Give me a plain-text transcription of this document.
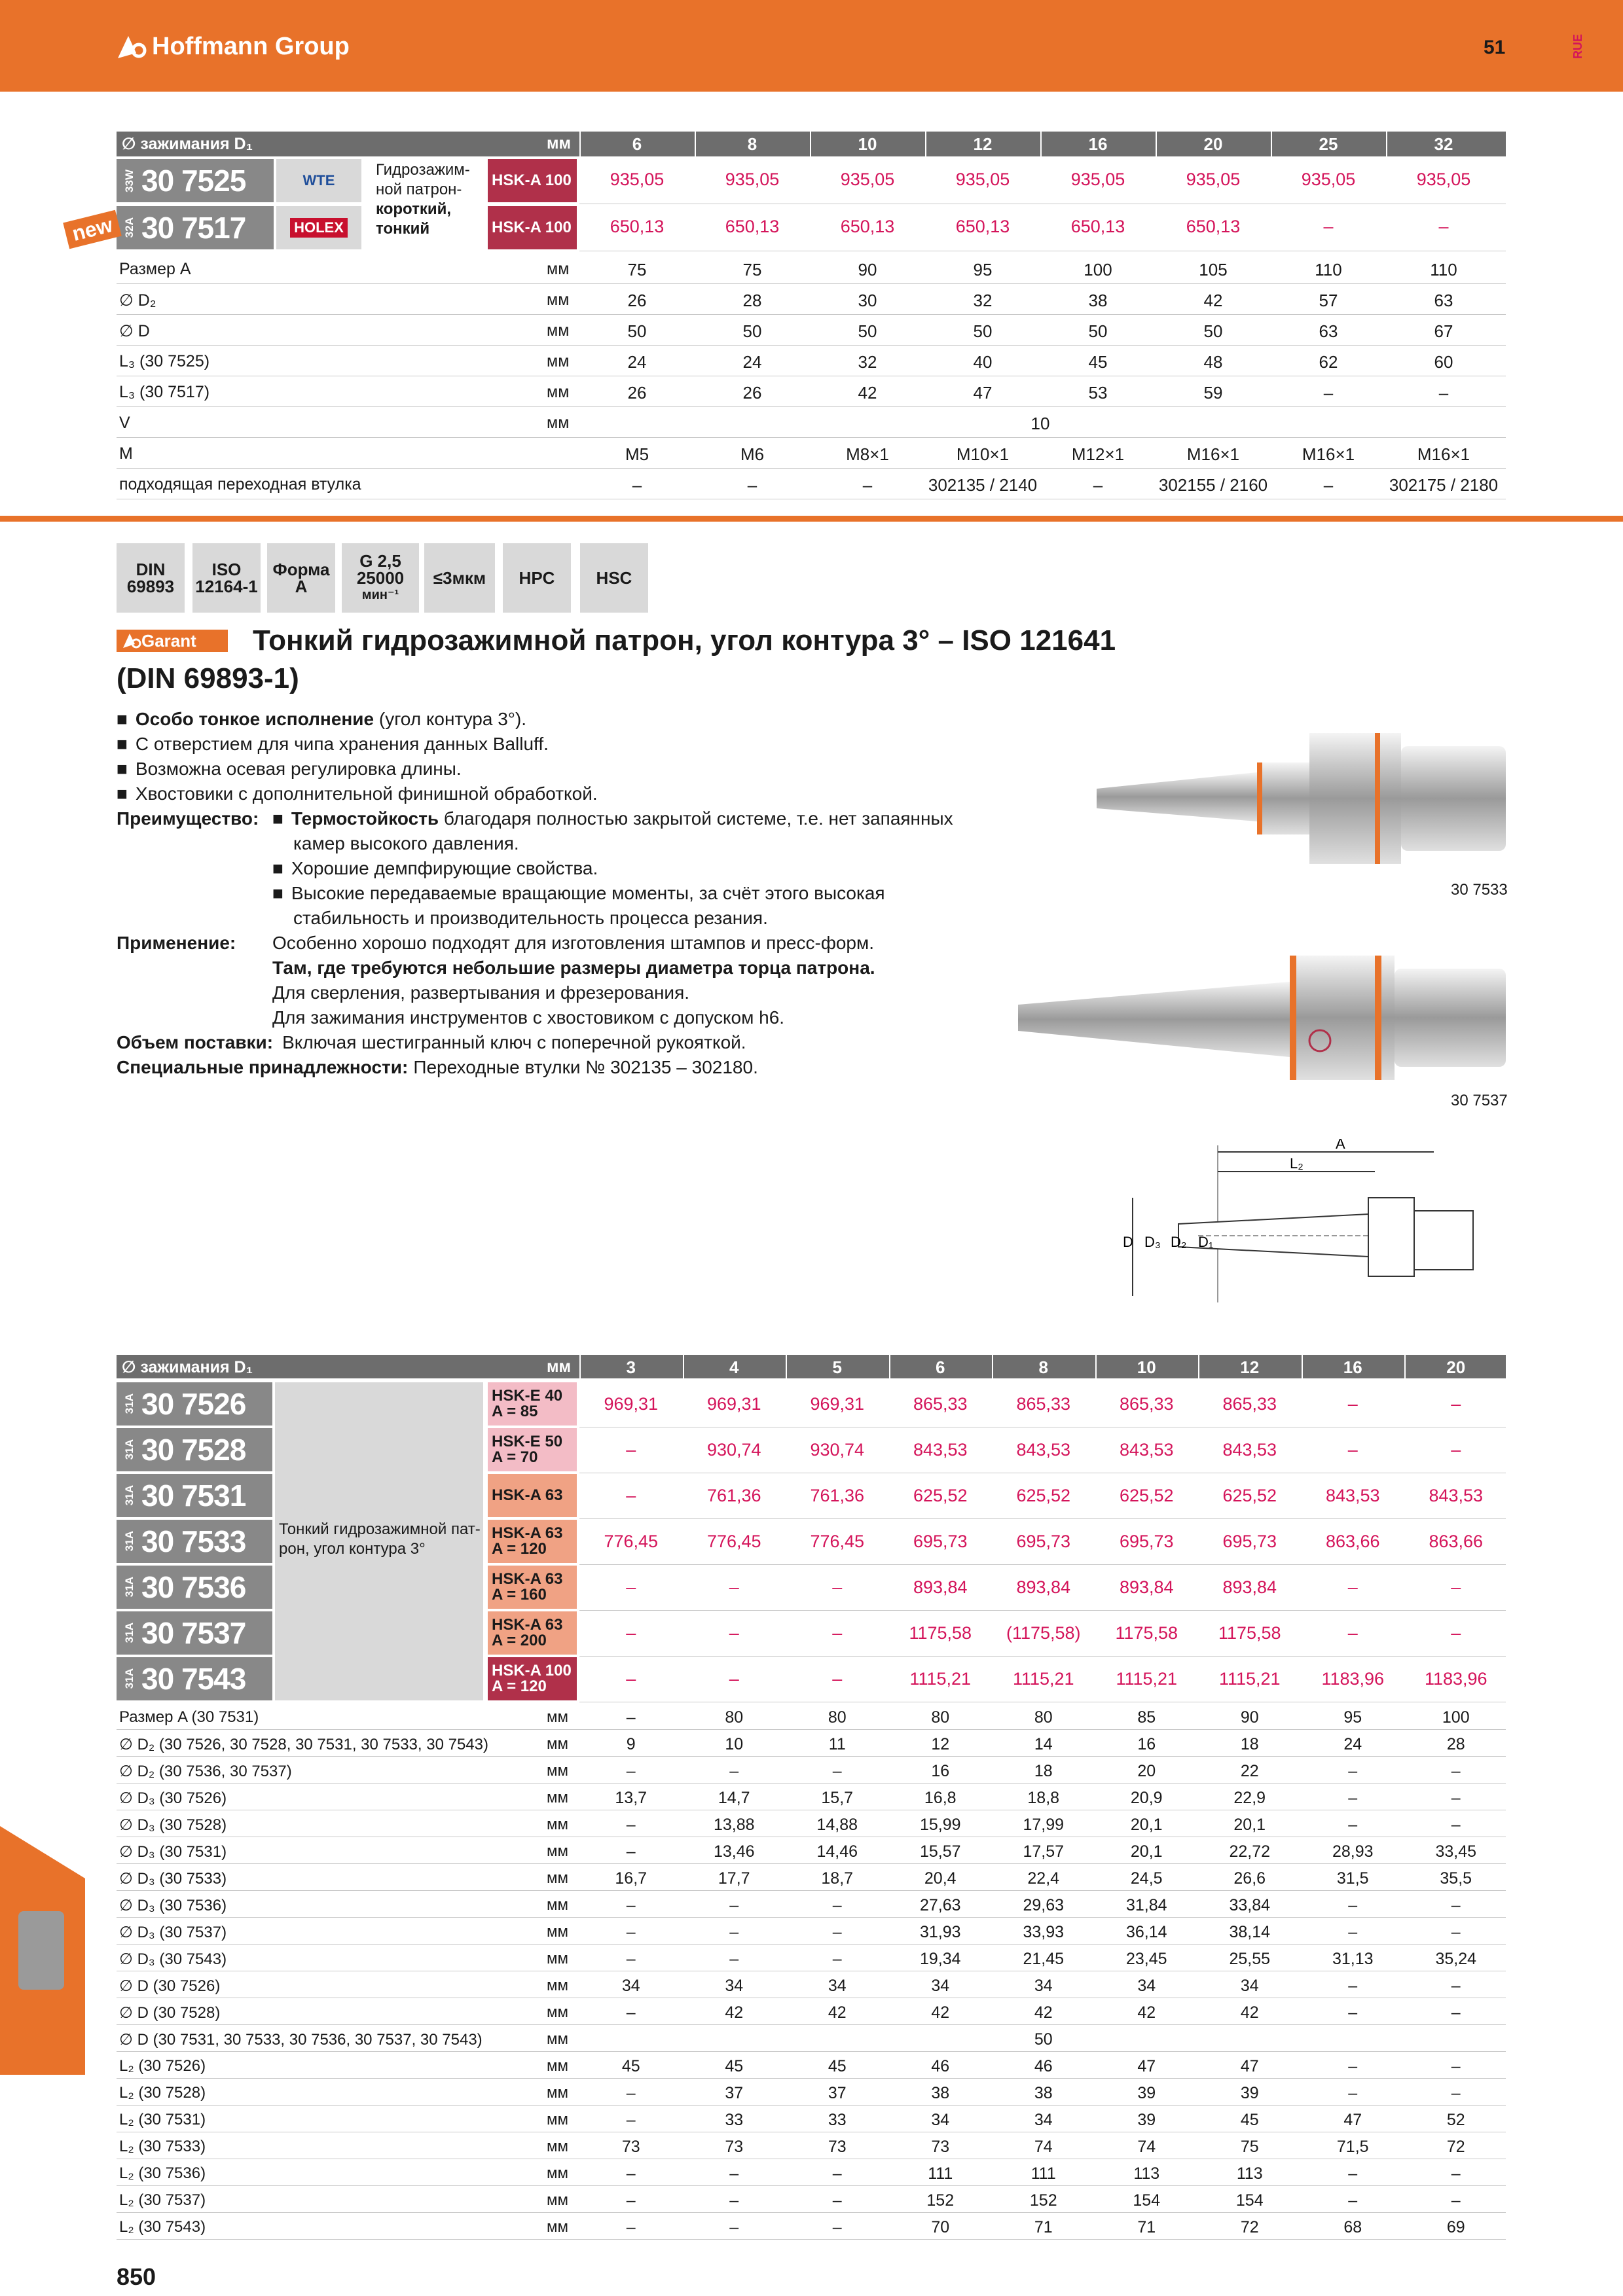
Hoffmann Group	51	RUE
∅ зажимания D₁	мм	6	8	10	12	16	20	25	32
33W 30 7525	WTE	HSK-A 100	935,05	935,05	935,05	935,05	935,05	935,05	935,05	935,05
32A 30 7517	HOLEX	HSK-A 100	650,13	650,13	650,13	650,13	650,13	650,13	–	–
Гидрозажим-ной патрон-
короткий, тонкий
new
Размер A	мм	75	75	90	95	100	105	110	110
∅ D₂	мм	26	28	30	32	38	42	57	63
∅ D	мм	50	50	50	50	50	50	63	67
L₃ (30 7525)	мм	24	24	32	40	45	48	62	60
L₃ (30 7517)	мм	26	26	42	47	53	59	–	–
V	мм	10
M	M5	M6	M8×1	M10×1	M12×1	M16×1	M16×1	M16×1
подходящая переходная втулка	–	–	–	302135 / 2140	–	302155 / 2160	–	302175 / 2180
DIN
69893
ISO
12164-1
Форма
A
G 2,5
25000
мин⁻¹
≤3мкм	HPC	HSC
Garant Тонкий гидрозажимной патрон, угол контура 3° – ISO 121641
(DIN 69893-1)
■ Особо тонкое исполнение (угол контура 3°).
■ С отверстием для чипа хранения данных Balluff.
■ Возможна осевая регулировка длины.
■ Хвостовики с дополнительной финишной обработкой.
Преимущество: ■ Термостойкость благодаря полностью закрытой системе, т.е. нет запаянных
камер высокого давления.
■ Хорошие демпфирующие свойства.
■ Высокие передаваемые вращающие моменты, за счёт этого высокая
стабильность и производительность процесса резания.
Применение: Особенно хорошо подходят для изготовления штампов и пресс-форм.
Там, где требуются небольшие размеры диаметра торца патрона.
Для сверления, развертывания и фрезерования.
Для зажимания инструментов с хвостовиком с допуском h6.
Объем поставки: Включая шестигранный ключ с поперечной рукояткой.
Специальные принадлежности: Переходные втулки № 302135 – 302180.
30 7533
30 7537
A
L₂
D D₃ D₂ D₁
∅ зажимания D₁	мм	3	4	5	6	8	10	12	16	20
Тонкий гидрозажимной пат-рон, угол контура 3°
31A 30 7526	HSK-E 40
A = 85	969,31	969,31	969,31	865,33	865,33	865,33	865,33	–	–
31A 30 7528	HSK-E 50
A = 70	–	930,74	930,74	843,53	843,53	843,53	843,53	–	–
31A 30 7531	HSK-A 63	–	761,36	761,36	625,52	625,52	625,52	625,52	843,53	843,53
31A 30 7533	HSK-A 63
A = 120	776,45	776,45	776,45	695,73	695,73	695,73	695,73	863,66	863,66
31A 30 7536	HSK-A 63
A = 160	–	–	–	893,84	893,84	893,84	893,84	–	–
31A 30 7537	HSK-A 63
A = 200	–	–	–	1175,58	(1175,58)	1175,58	1175,58	–	–
31A 30 7543	HSK-A 100
A = 120	–	–	–	1115,21	1115,21	1115,21	1115,21	1183,96	1183,96
Размер A (30 7531)	мм	–	80	80	80	80	85	90	95	100
∅ D₂ (30 7526, 30 7528, 30 7531, 30 7533, 30 7543)	мм	9	10	11	12	14	16	18	24	28
∅ D₂ (30 7536, 30 7537)	мм	–	–	–	16	18	20	22	–	–
∅ D₃ (30 7526)	мм	13,7	14,7	15,7	16,8	18,8	20,9	22,9	–	–
∅ D₃ (30 7528)	мм	–	13,88	14,88	15,99	17,99	20,1	20,1	–	–
∅ D₃ (30 7531)	мм	–	13,46	14,46	15,57	17,57	20,1	22,72	28,93	33,45
∅ D₃ (30 7533)	мм	16,7	17,7	18,7	20,4	22,4	24,5	26,6	31,5	35,5
∅ D₃ (30 7536)	мм	–	–	–	27,63	29,63	31,84	33,84	–	–
∅ D₃ (30 7537)	мм	–	–	–	31,93	33,93	36,14	38,14	–	–
∅ D₃ (30 7543)	мм	–	–	–	19,34	21,45	23,45	25,55	31,13	35,24
∅ D (30 7526)	мм	34	34	34	34	34	34	34	–	–
∅ D (30 7528)	мм	–	42	42	42	42	42	42	–	–
∅ D (30 7531, 30 7533, 30 7536, 30 7537, 30 7543)	мм	50
L₂ (30 7526)	мм	45	45	45	46	46	47	47	–	–
L₂ (30 7528)	мм	–	37	37	38	38	39	39	–	–
L₂ (30 7531)	мм	–	33	33	34	34	39	45	47	52
L₂ (30 7533)	мм	73	73	73	73	74	74	75	71,5	72
L₂ (30 7536)	мм	–	–	–	111	111	113	113	–	–
L₂ (30 7537)	мм	–	–	–	152	152	154	154	–	–
L₂ (30 7543)	мм	–	–	–	70	71	71	72	68	69
850
